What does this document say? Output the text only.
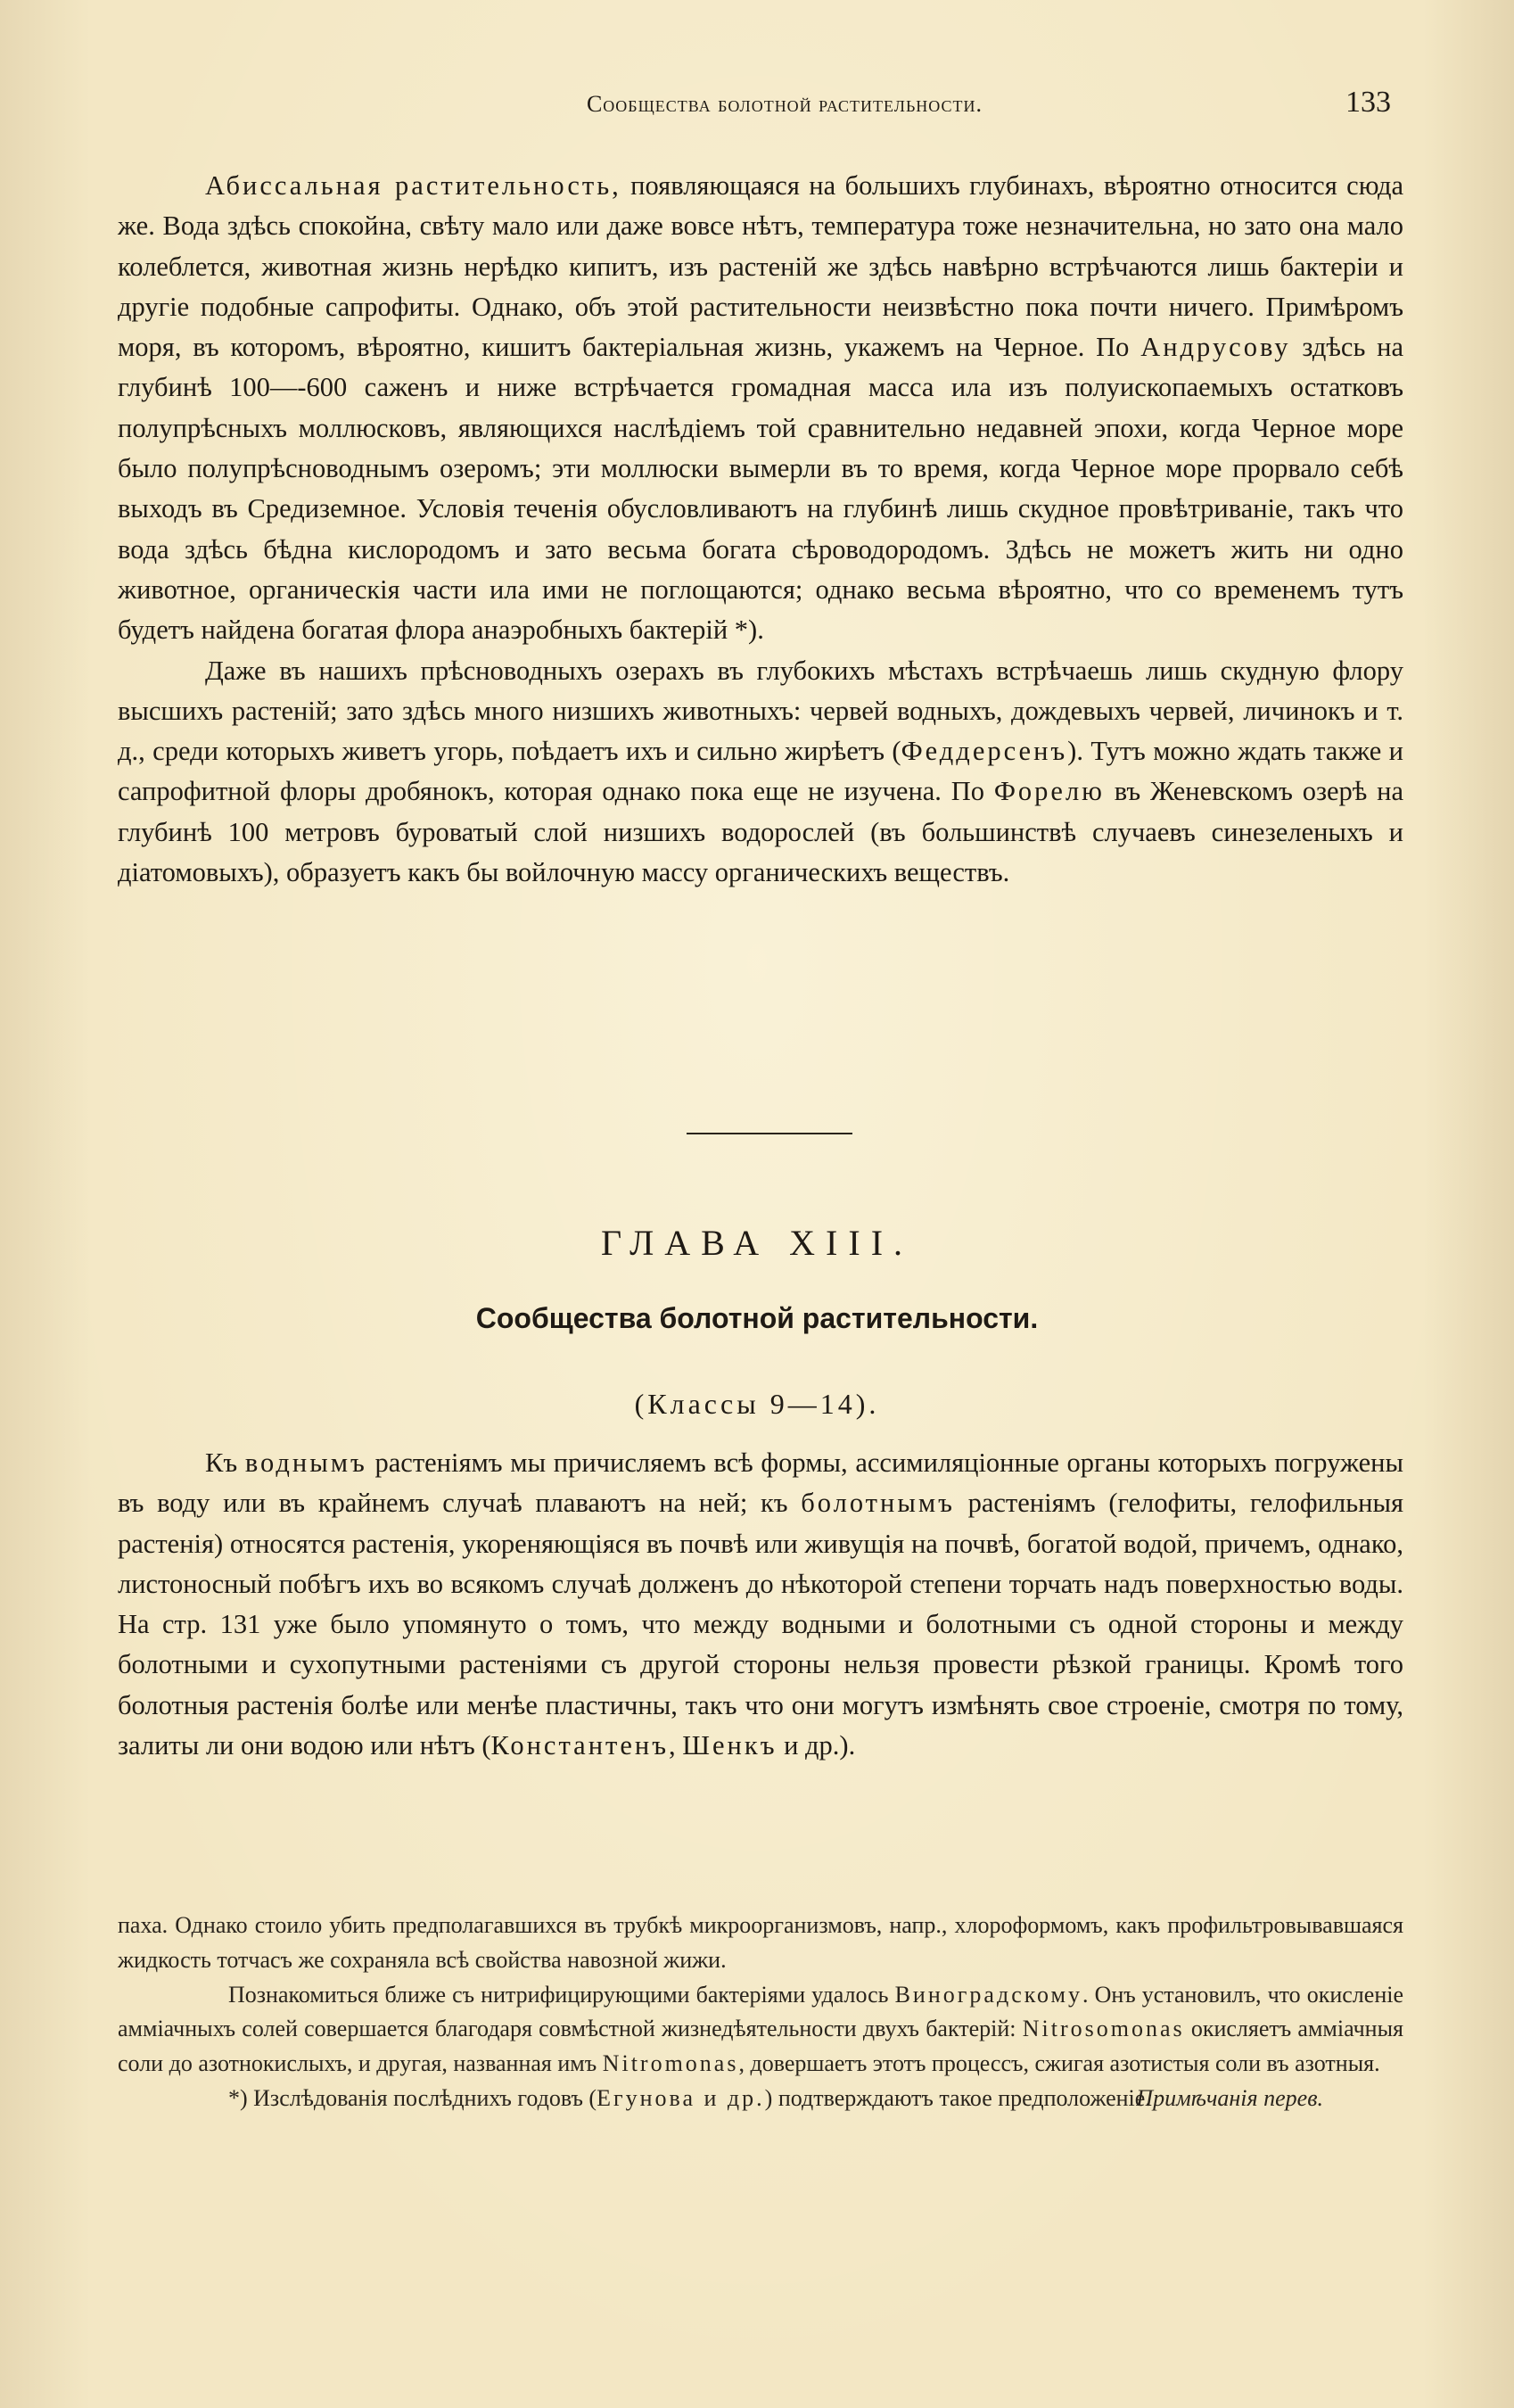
Сообщества болотной растительности.	133

Абиссальная растительность, появляющаяся на большихъ глубинахъ, вѣроятно относится сюда же. Вода здѣсь спокойна, свѣту мало или даже вовсе нѣтъ, температура тоже незначительна, но зато она мало колеблется, животная жизнь нерѣдко кипитъ, изъ растеній же здѣсь навѣрно встрѣчаются лишь бактеріи и другіе подобные сапрофиты. Однако, объ этой растительности неизвѣстно пока почти ничего. Примѣромъ моря, въ которомъ, вѣроятно, кишитъ бактеріальная жизнь, укажемъ на Черное. По Андрусову здѣсь на глубинѣ 100—-600 саженъ и ниже встрѣчается громадная масса ила изъ полуископаемыхъ остатковъ полупрѣсныхъ моллюсковъ, являющихся наслѣдіемъ той сравнительно недавней эпохи, когда Черное море было полупрѣсноводнымъ озеромъ; эти моллюски вымерли въ то время, когда Черное море прорвало себѣ выходъ въ Средиземное. Условія теченія обусловливаютъ на глубинѣ лишь скудное провѣтриваніе, такъ что вода здѣсь бѣдна кислородомъ и зато весьма богата сѣроводородомъ. Здѣсь не можетъ жить ни одно животное, органическія части ила ими не поглощаются; однако весьма вѣроятно, что со временемъ тутъ будетъ найдена богатая флора анаэробныхъ бактерій *).

Даже въ нашихъ прѣсноводныхъ озерахъ въ глубокихъ мѣстахъ встрѣчаешь лишь скудную флору высшихъ растеній; зато здѣсь много низшихъ животныхъ: червей водныхъ, дождевыхъ червей, личинокъ и т. д., среди которыхъ живетъ угорь, поѣдаетъ ихъ и сильно жирѣетъ (Феддерсенъ). Тутъ можно ждать также и сапрофитной флоры дробянокъ, которая однако пока еще не изучена. По Форелю въ Женевскомъ озерѣ на глубинѣ 100 метровъ буроватый слой низшихъ водорослей (въ большинствѣ случаевъ синезеленыхъ и діатомовыхъ), образуетъ какъ бы войлочную массу органическихъ веществъ.

ГЛАВА XIII.
Сообщества болотной растительности.
(Классы 9—14).

Къ воднымъ растеніямъ мы причисляемъ всѣ формы, ассимиляціонные органы которыхъ погружены въ воду или въ крайнемъ случаѣ плаваютъ на ней; къ болотнымъ растеніямъ (гелофиты, гелофильныя растенія) относятся растенія, укореняющіяся въ почвѣ или живущія на почвѣ, богатой водой, причемъ, однако, листоносный побѣгъ ихъ во всякомъ случаѣ долженъ до нѣкоторой степени торчать надъ поверхностью воды. На стр. 131 уже было упомянуто о томъ, что между водными и болотными съ одной стороны и между болотными и сухопутными растеніями съ другой стороны нельзя провести рѣзкой границы. Кромѣ того болотныя растенія болѣе или менѣе пластичны, такъ что они могутъ измѣнять свое строеніе, смотря по тому, залиты ли они водою или нѣтъ (Константенъ, Шенкъ и др.).

паха. Однако стоило убить предполагавшихся въ трубкѣ микроорганизмовъ, напр., хлороформомъ, какъ профильтровывавшаяся жидкость тотчасъ же сохраняла всѣ свойства навозной жижи.

Познакомиться ближе съ нитрифицирующими бактеріями удалось Виноградскому. Онъ установилъ, что окисленіе аммiачныхъ солей совершается благодаря совмѣстной жизнедѣятельности двухъ бактерій: Nitrosomonas окисляетъ амміачныя соли до азотнокислыхъ, и другая, названная имъ Nitromonas, довершаетъ этотъ процессъ, сжигая азотистыя соли въ азотныя.

*) Изслѣдованія послѣднихъ годовъ (Егунова и др.) подтверждаютъ такое предположеніе.
Примѣчанія перев.
